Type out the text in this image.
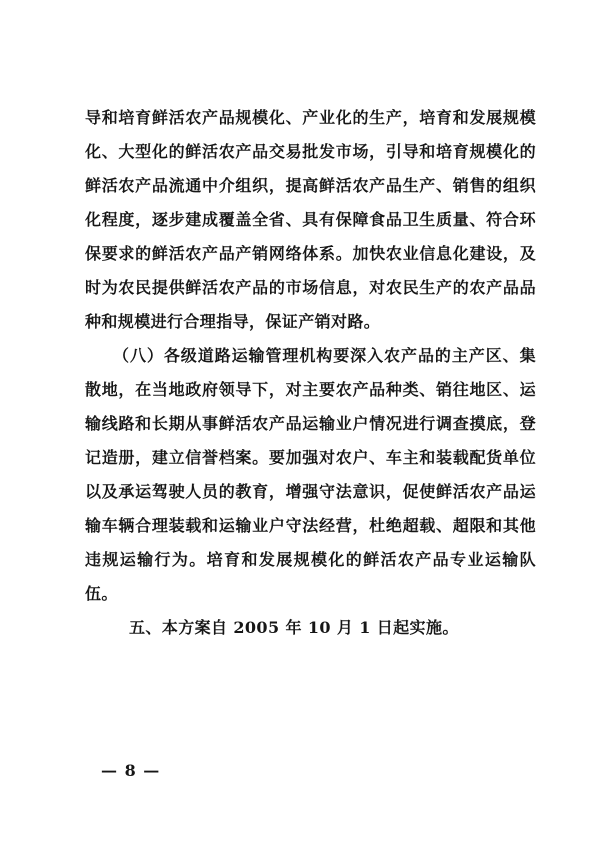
导和培育鲜活农产品规模化、产业化的生产，培育和发展规模化、大型化的鲜活农产品交易批发市场，引导和培育规模化的鲜活农产品流通中介组织，提高鲜活农产品生产、销售的组织化程度，逐步建成覆盖全省、具有保障食品卫生质量、符合环保要求的鲜活农产品产销网络体系。加快农业信息化建设，及时为农民提供鲜活农产品的市场信息，对农民生产的农产品品种和规模进行合理指导，保证产销对路。

（八）各级道路运输管理机构要深入农产品的主产区、集散地，在当地政府领导下，对主要农产品种类、销往地区、运输线路和长期从事鲜活农产品运输业户情况进行调查摸底，登记造册，建立信誉档案。要加强对农户、车主和装载配货单位以及承运驾驶人员的教育，增强守法意识，促使鲜活农产品运输车辆合理装载和运输业户守法经营，杜绝超载、超限和其他违规运输行为。培育和发展规模化的鲜活农产品专业运输队伍。

五、本方案自 2005 年 10 月 1 日起实施。

— 8 —
